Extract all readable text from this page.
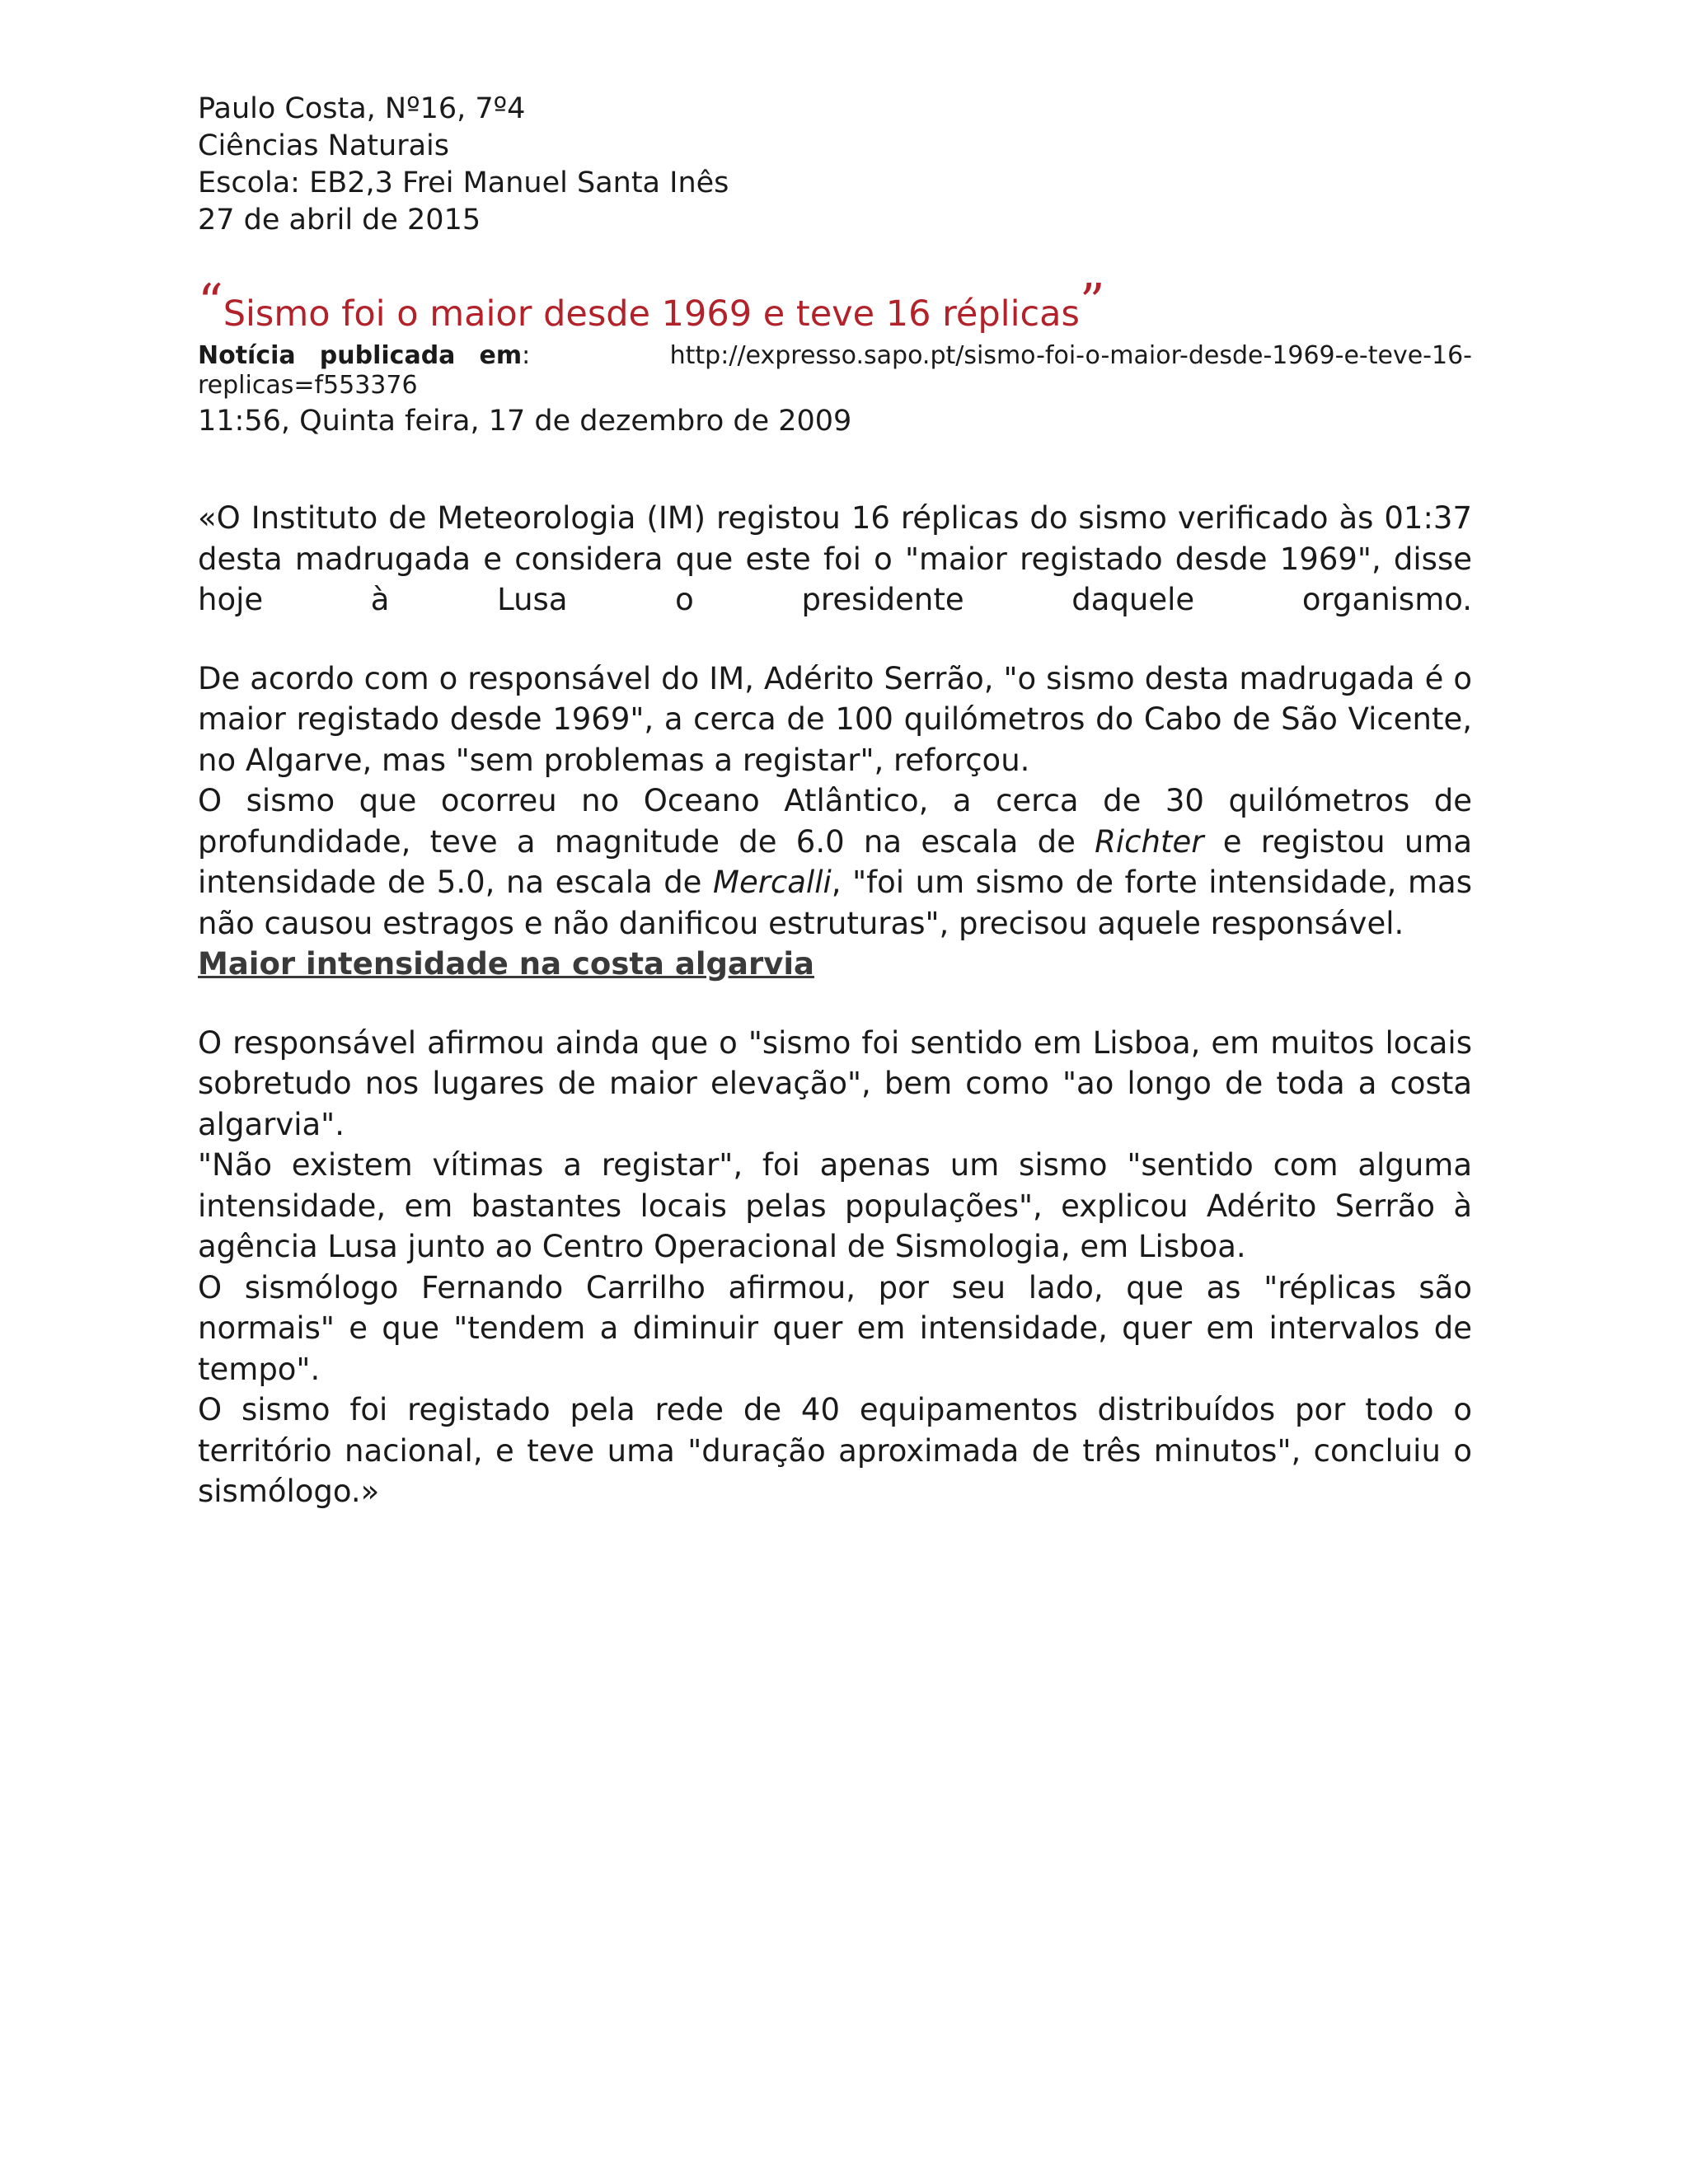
Paulo Costa, Nº16, 7º4

Ciências Naturais

Escola: EB2,3 Frei Manuel Santa Inês

27 de abril de 2015

“Sismo foi o maior desde 1969 e teve 16 réplicas”

Notícia publicada em:	http://expresso.sapo.pt/sismo-foi-o-maior-desde-1969-e-teve-16-replicas=f553376

11:56, Quinta feira, 17 de dezembro de 2009

«O Instituto de Meteorologia (IM) registou 16 réplicas do sismo verificado às 01:37 desta madrugada e considera que este foi o "maior registado desde 1969", disse hoje à Lusa o presidente daquele organismo.

De acordo com o responsável do IM, Adérito Serrão, "o sismo desta madrugada é o maior registado desde 1969", a cerca de 100 quilómetros do Cabo de São Vicente, no Algarve, mas "sem problemas a registar", reforçou.

O sismo que ocorreu no Oceano Atlântico, a cerca de 30 quilómetros de profundidade, teve a magnitude de 6.0 na escala de Richter e registou uma intensidade de 5.0, na escala de Mercalli, "foi um sismo de forte intensidade, mas não causou estragos e não danificou estruturas", precisou aquele responsável.

Maior intensidade na costa algarvia

O responsável afirmou ainda que o "sismo foi sentido em Lisboa, em muitos locais sobretudo nos lugares de maior elevação", bem como "ao longo de toda a costa algarvia".

"Não existem vítimas a registar", foi apenas um sismo "sentido com alguma intensidade, em bastantes locais pelas populações", explicou Adérito Serrão à agência Lusa junto ao Centro Operacional de Sismologia, em Lisboa.

O sismólogo Fernando Carrilho afirmou, por seu lado, que as "réplicas são normais" e que "tendem a diminuir quer em intensidade, quer em intervalos de tempo".

O sismo foi registado pela rede de 40 equipamentos distribuídos por todo o território nacional, e teve uma "duração aproximada de três minutos", concluiu o sismólogo.»
